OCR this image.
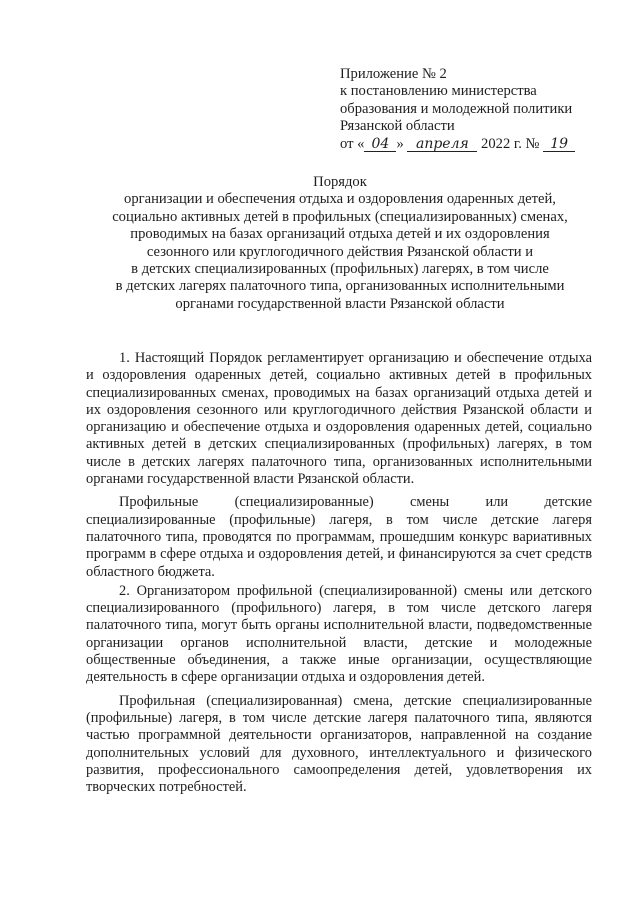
Приложение № 2
к постановлению министерства
образования и молодежной политики
Рязанской области
от « 04 » апреля 2022 г. № 19
Порядок
организации и обеспечения отдыха и оздоровления одаренных детей,
социально активных детей в профильных (специализированных) сменах,
проводимых на базах организаций отдыха детей и их оздоровления
сезонного или круглогодичного действия Рязанской области и
в детских специализированных (профильных) лагерях, в том числе
в детских лагерях палаточного типа, организованных исполнительными
органами государственной власти Рязанской области

1. Настоящий Порядок регламентирует организацию и обеспечение отдыха и оздоровления одаренных детей, социально активных детей в профильных специализированных сменах, проводимых на базах организаций отдыха детей и их оздоровления сезонного или круглогодичного действия Рязанской области и организацию и обеспечение отдыха и оздоровления одаренных детей, социально активных детей в детских специализированных (профильных) лагерях, в том числе в детских лагерях палаточного типа, организованных исполнительными органами государственной власти Рязанской области.

Профильные (специализированные) смены или детские специализированные (профильные) лагеря, в том числе детские лагеря палаточного типа, проводятся по программам, прошедшим конкурс вариативных программ в сфере отдыха и оздоровления детей, и финансируются за счет средств областного бюджета.

2. Организатором профильной (специализированной) смены или детского специализированного (профильного) лагеря, в том числе детского лагеря палаточного типа, могут быть органы исполнительной власти, подведомственные организации органов исполнительной власти, детские и молодежные общественные объединения, а также иные организации, осуществляющие деятельность в сфере организации отдыха и оздоровления детей.

Профильная (специализированная) смена, детские специализированные (профильные) лагеря, в том числе детские лагеря палаточного типа, являются частью программной деятельности организаторов, направленной на создание дополнительных условий для духовного, интеллектуального и физического развития, профессионального самоопределения детей, удовлетворения их творческих потребностей.
